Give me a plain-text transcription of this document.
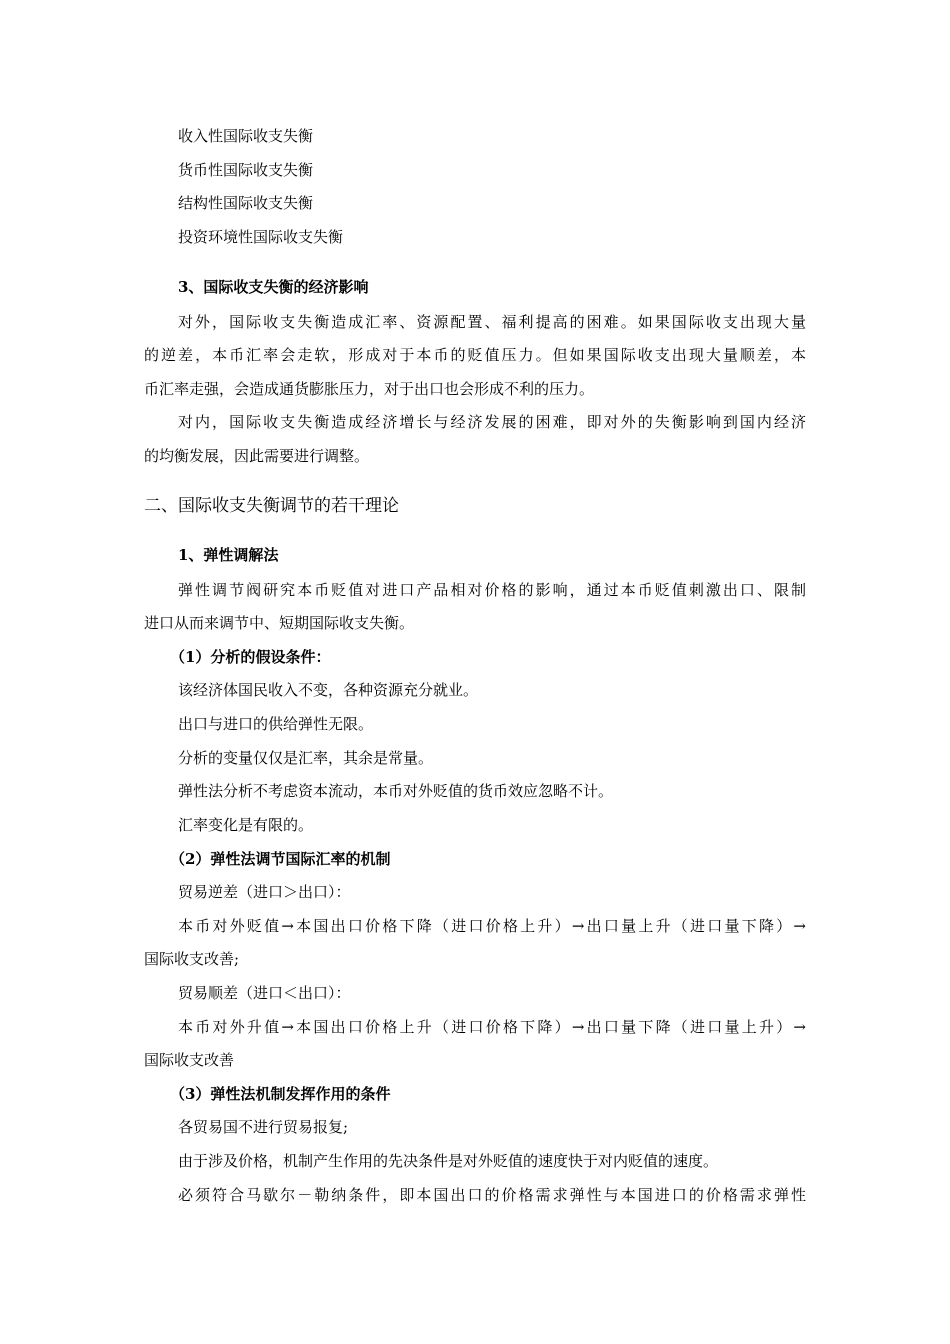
收入性国际收支失衡
货币性国际收支失衡
结构性国际收支失衡
投资环境性国际收支失衡
3、国际收支失衡的经济影响
对外，国际收支失衡造成汇率、资源配置、福利提高的困难。如果国际收支出现大量
的逆差，本币汇率会走软，形成对于本币的贬值压力。但如果国际收支出现大量顺差，本
币汇率走强，会造成通货膨胀压力，对于出口也会形成不利的压力。
对内，国际收支失衡造成经济增长与经济发展的困难，即对外的失衡影响到国内经济
的均衡发展，因此需要进行调整。
二、国际收支失衡调节的若干理论
1、弹性调解法
弹性调节阀研究本币贬值对进口产品相对价格的影响，通过本币贬值刺激出口、限制
进口从而来调节中、短期国际收支失衡。
（1）分析的假设条件：
该经济体国民收入不变，各种资源充分就业。
出口与进口的供给弹性无限。
分析的变量仅仅是汇率，其余是常量。
弹性法分析不考虑资本流动，本币对外贬值的货币效应忽略不计。
汇率变化是有限的。
（2）弹性法调节国际汇率的机制
贸易逆差（进口＞出口）：
本币对外贬值→本国出口价格下降（进口价格上升）→出口量上升（进口量下降）→
国际收支改善;
贸易顺差（进口＜出口）：
本币对外升值→本国出口价格上升（进口价格下降）→出口量下降（进口量上升）→
国际收支改善
（3）弹性法机制发挥作用的条件
各贸易国不进行贸易报复;
由于涉及价格，机制产生作用的先决条件是对外贬值的速度快于对内贬值的速度。
必须符合马歇尔－勒纳条件，即本国出口的价格需求弹性与本国进口的价格需求弹性
